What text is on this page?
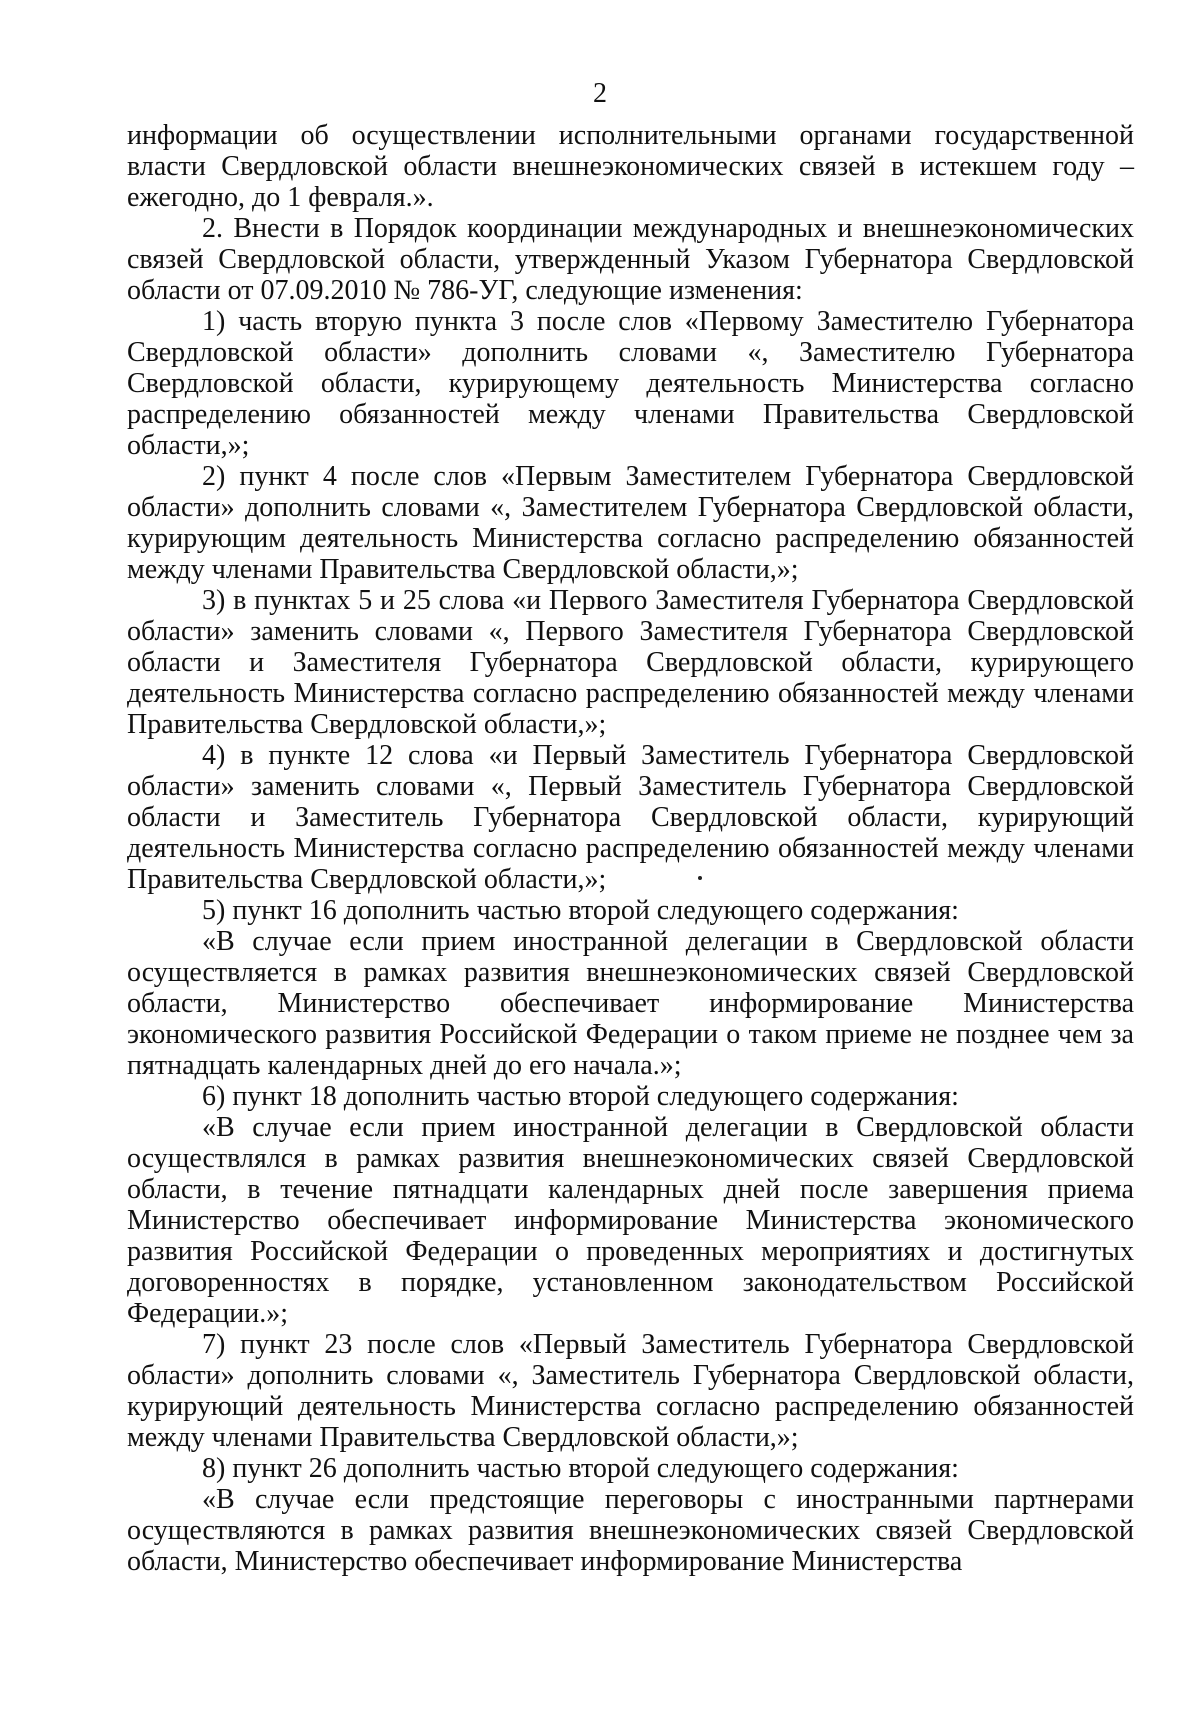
2

информации об осуществлении исполнительными органами государственной власти Свердловской области внешнеэкономических связей в истекшем году – ежегодно, до 1 февраля.».

2. Внести в Порядок координации международных и внешнеэкономических связей Свердловской области, утвержденный Указом Губернатора Свердловской области от 07.09.2010 № 786-УГ, следующие изменения:

1) часть вторую пункта 3 после слов «Первому Заместителю Губернатора Свердловской области» дополнить словами «, Заместителю Губернатора Свердловской области, курирующему деятельность Министерства согласно распределению обязанностей между членами Правительства Свердловской области,»;

2) пункт 4 после слов «Первым Заместителем Губернатора Свердловской области» дополнить словами «, Заместителем Губернатора Свердловской области, курирующим деятельность Министерства согласно распределению обязанностей между членами Правительства Свердловской области,»;

3) в пунктах 5 и 25 слова «и Первого Заместителя Губернатора Свердловской области» заменить словами «, Первого Заместителя Губернатора Свердловской области и Заместителя Губернатора Свердловской области, курирующего деятельность Министерства согласно распределению обязанностей между членами Правительства Свердловской области,»;

4) в пункте 12 слова «и Первый Заместитель Губернатора Свердловской области» заменить словами «, Первый Заместитель Губернатора Свердловской области и Заместитель Губернатора Свердловской области, курирующий деятельность Министерства согласно распределению обязанностей между членами Правительства Свердловской области,»;

5) пункт 16 дополнить частью второй следующего содержания:

«В случае если прием иностранной делегации в Свердловской области осуществляется в рамках развития внешнеэкономических связей Свердловской области, Министерство обеспечивает информирование Министерства экономического развития Российской Федерации о таком приеме не позднее чем за пятнадцать календарных дней до его начала.»;

6) пункт 18 дополнить частью второй следующего содержания:

«В случае если прием иностранной делегации в Свердловской области осуществлялся в рамках развития внешнеэкономических связей Свердловской области, в течение пятнадцати календарных дней после завершения приема Министерство обеспечивает информирование Министерства экономического развития Российской Федерации о проведенных мероприятиях и достигнутых договоренностях в порядке, установленном законодательством Российской Федерации.»;

7) пункт 23 после слов «Первый Заместитель Губернатора Свердловской области» дополнить словами «, Заместитель Губернатора Свердловской области, курирующий деятельность Министерства согласно распределению обязанностей между членами Правительства Свердловской области,»;

8) пункт 26 дополнить частью второй следующего содержания:

«В случае если предстоящие переговоры с иностранными партнерами осуществляются в рамках развития внешнеэкономических связей Свердловской области, Министерство обеспечивает информирование Министерства
